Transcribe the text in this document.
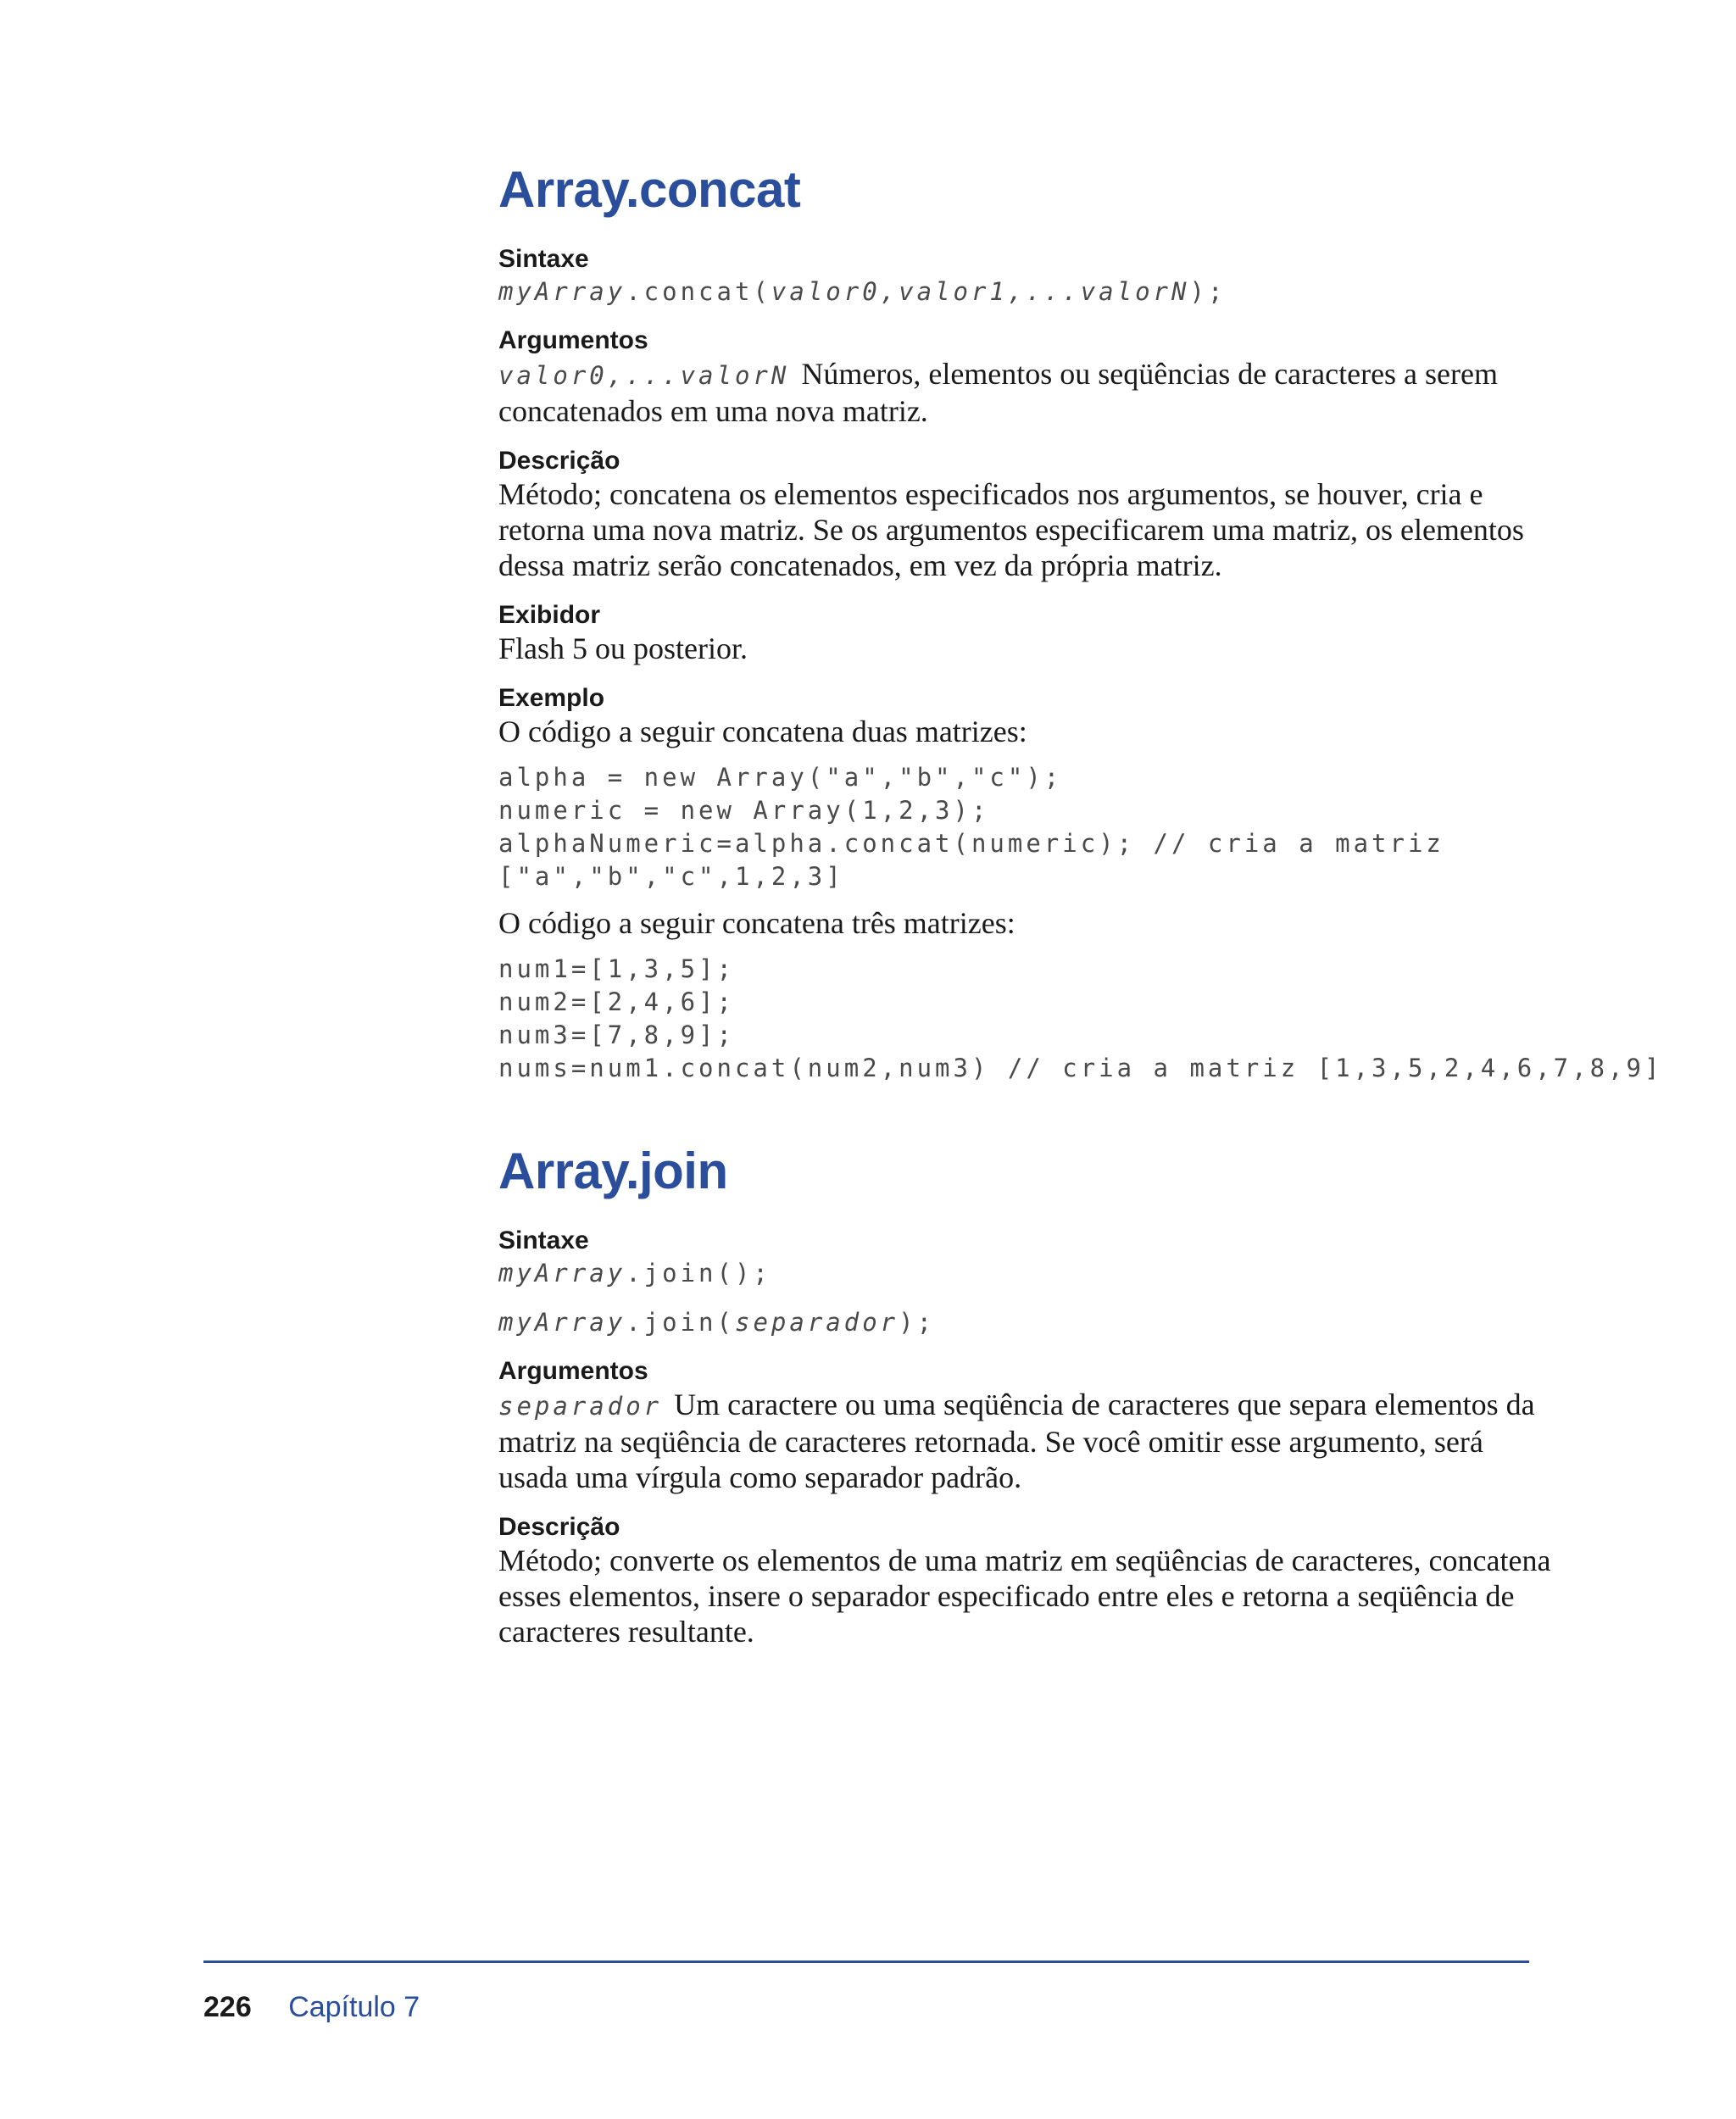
Array.concat

Sintaxe

myArray.concat(valor0,valor1,...valorN);

Argumentos

valor0,...valorN Números, elementos ou seqüências de caracteres a serem concatenados em uma nova matriz.

Descrição

Método; concatena os elementos especificados nos argumentos, se houver, cria e retorna uma nova matriz. Se os argumentos especificarem uma matriz, os elementos dessa matriz serão concatenados, em vez da própria matriz.

Exibidor

Flash 5 ou posterior.

Exemplo

O código a seguir concatena duas matrizes:

alpha = new Array("a","b","c");
numeric = new Array(1,2,3);
alphaNumeric=alpha.concat(numeric); // cria a matriz
["a","b","c",1,2,3]

O código a seguir concatena três matrizes:

num1=[1,3,5];
num2=[2,4,6];
num3=[7,8,9];
nums=num1.concat(num2,num3) // cria a matriz [1,3,5,2,4,6,7,8,9]

Array.join

Sintaxe

myArray.join();

myArray.join(separador);

Argumentos

separador Um caractere ou uma seqüência de caracteres que separa elementos da matriz na seqüência de caracteres retornada. Se você omitir esse argumento, será usada uma vírgula como separador padrão.

Descrição

Método; converte os elementos de uma matriz em seqüências de caracteres, concatena esses elementos, insere o separador especificado entre eles e retorna a seqüência de caracteres resultante.

226 Capítulo 7
